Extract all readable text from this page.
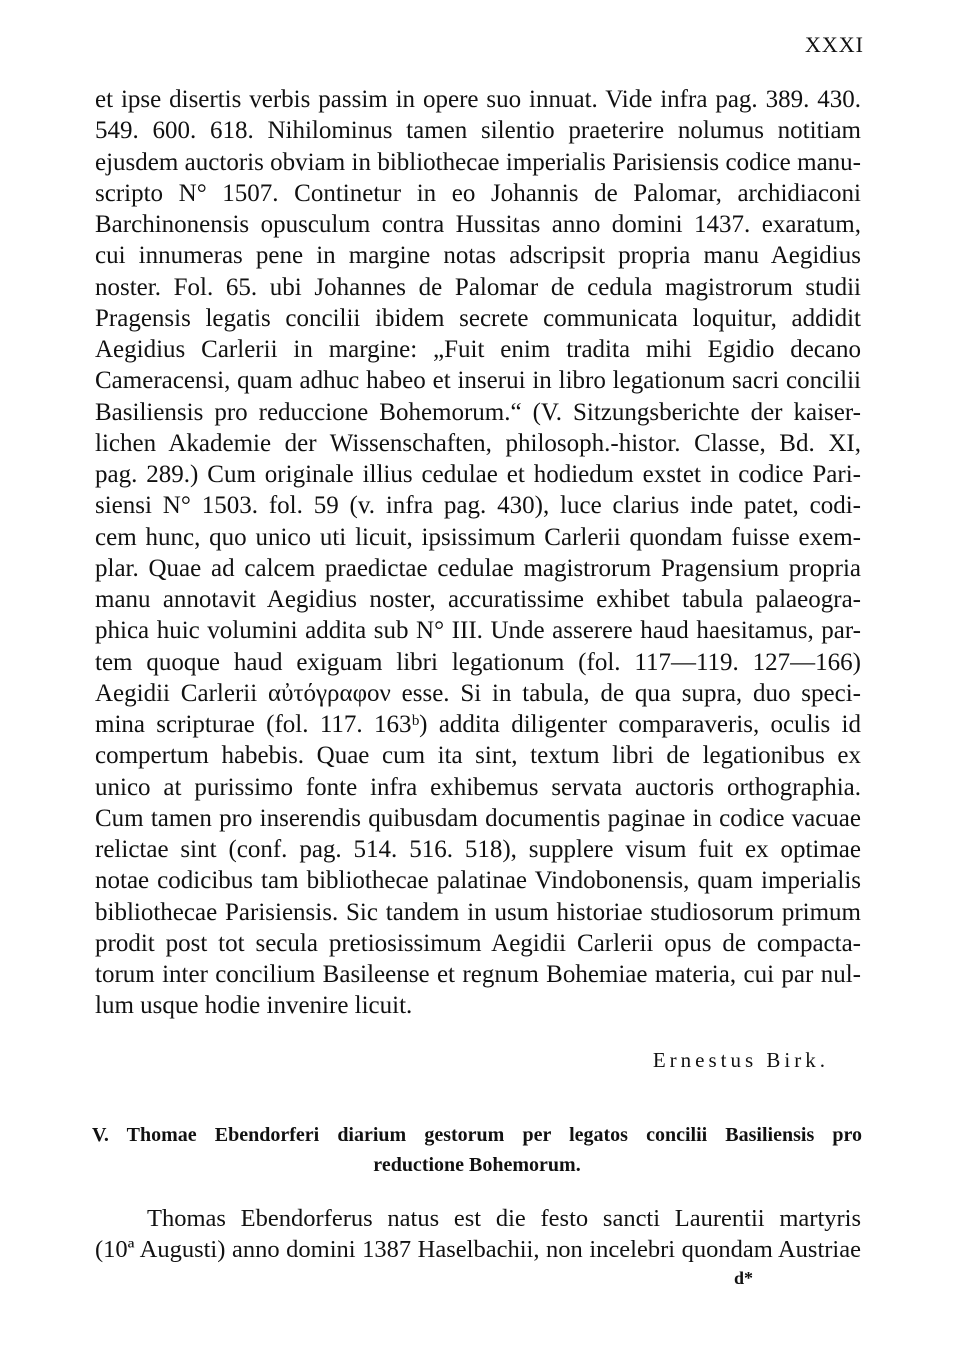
XXXI
et ipse disertis verbis passim in opere suo innuat. Vide infra pag. 389. 430.
549. 600. 618. Nihilominus tamen silentio praeterire nolumus notitiam
ejusdem auctoris obviam in bibliothecae imperialis Parisiensis codice manu-
scripto N° 1507. Continetur in eo Johannis de Palomar, archidiaconi
Barchinonensis opusculum contra Hussitas anno domini 1437. exaratum,
cui innumeras pene in margine notas adscripsit propria manu Aegidius
noster. Fol. 65. ubi Johannes de Palomar de cedula magistrorum studii
Pragensis legatis concilii ibidem secrete communicata loquitur, addidit
Aegidius Carlerii in margine: „Fuit enim tradita mihi Egidio decano
Cameracensi, quam adhuc habeo et inserui in libro legationum sacri concilii
Basiliensis pro reduccione Bohemorum.“ (V. Sitzungsberichte der kaiser-
lichen Akademie der Wissenschaften, philosoph.-histor. Classe, Bd. XI,
pag. 289.) Cum originale illius cedulae et hodiedum exstet in codice Pari-
siensi N° 1503. fol. 59 (v. infra pag. 430), luce clarius inde patet, codi-
cem hunc, quo unico uti licuit, ipsissimum Carlerii quondam fuisse exem-
plar. Quae ad calcem praedictae cedulae magistrorum Pragensium propria
manu annotavit Aegidius noster, accuratissime exhibet tabula palaeogra-
phica huic volumini addita sub N° III. Unde asserere haud haesitamus, par-
tem quoque haud exiguam libri legationum (fol. 117—119. 127—166)
Aegidii Carlerii αὐτόγραφον esse. Si in tabula, de qua supra, duo speci-
mina scripturae (fol. 117. 163ᵇ) addita diligenter comparaveris, oculis id
compertum habebis. Quae cum ita sint, textum libri de legationibus ex
unico at purissimo fonte infra exhibemus servata auctoris orthographia.
Cum tamen pro inserendis quibusdam documentis paginae in codice vacuae
relictae sint (conf. pag. 514. 516. 518), supplere visum fuit ex optimae
notae codicibus tam bibliothecae palatinae Vindobonensis, quam imperialis
bibliothecae Parisiensis. Sic tandem in usum historiae studiosorum primum
prodit post tot secula pretiosissimum Aegidii Carlerii opus de compacta-
torum inter concilium Basileense et regnum Bohemiae materia, cui par nul-
lum usque hodie invenire licuit.
Ernestus Birk.
V. Thomae Ebendorferi diarium gestorum per legatos concilii Basiliensis pro
reductione Bohemorum.
Thomas Ebendorferus natus est die festo sancti Laurentii martyris
(10ª Augusti) anno domini 1387 Haselbachii, non incelebri quondam Austriae
d*
